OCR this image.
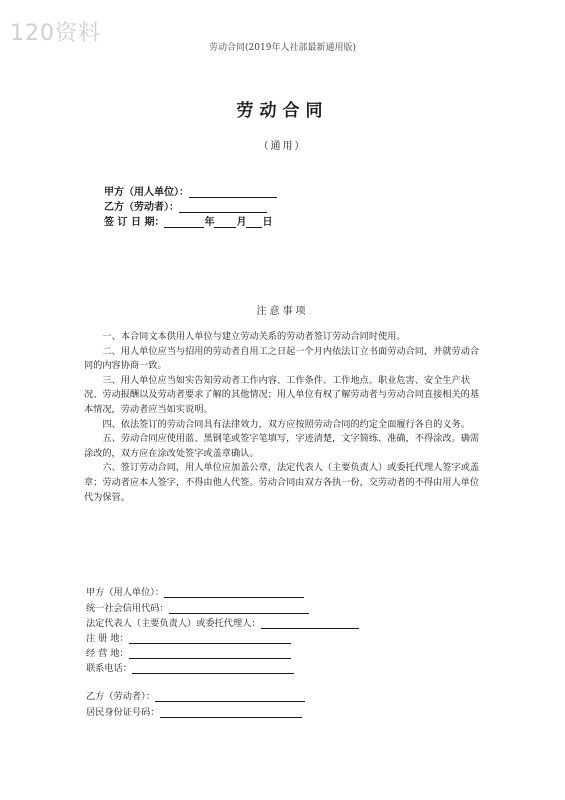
120资料
劳动合同(2019年人社部最新通用版)
劳动合同
（通用）
甲方（用人单位）：
乙方（劳动者）：
签 订 日 期：	年 月 日
注意事项

一、本合同文本供用人单位与建立劳动关系的劳动者签订劳动合同时使用。

二、用人单位应当与招用的劳动者自用工之日起一个月内依法订立书面劳动合同，并就劳动合同的内容协商一致。

三、用人单位应当如实告知劳动者工作内容、工作条件、工作地点、职业危害、安全生产状况、劳动报酬以及劳动者要求了解的其他情况；用人单位有权了解劳动者与劳动合同直接相关的基本情况，劳动者应当如实说明。

四、依法签订的劳动合同具有法律效力，双方应按照劳动合同的约定全面履行各自的义务。

五、劳动合同应使用蓝、黑钢笔或签字笔填写，字迹清楚，文字简练、准确，不得涂改。确需涂改的，双方应在涂改处签字或盖章确认。

六、签订劳动合同，用人单位应加盖公章，法定代表人（主要负责人）或委托代理人签字或盖章；劳动者应本人签字，不得由他人代签。劳动合同由双方各执一份，交劳动者的不得由用人单位代为保管。

甲方（用人单位）：
统一社会信用代码：
法定代表人（主要负责人）或委托代理人：
注 册 地：
经 营 地：
联系电话：
乙方（劳动者）：
居民身份证号码：
